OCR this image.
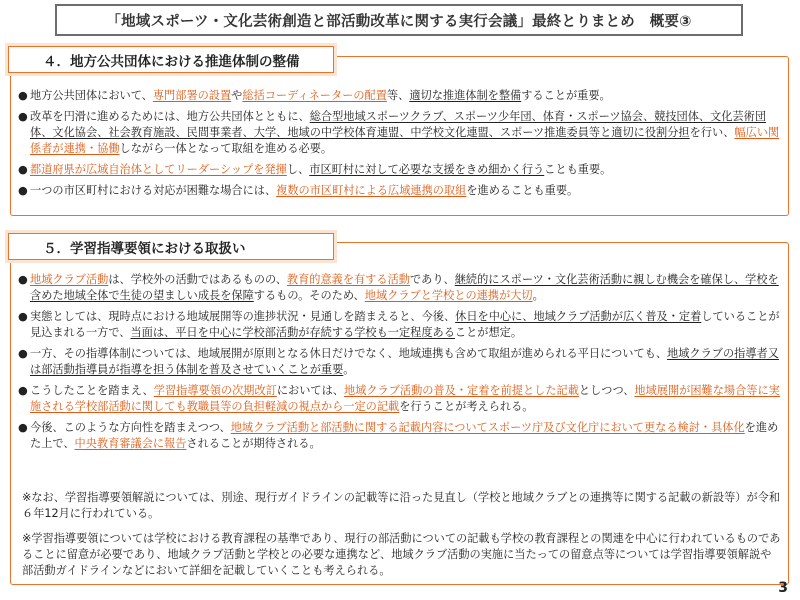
「地域スポーツ・文化芸術創造と部活動改革に関する実行会議」最終とりまとめ　概要③
４．地方公共団体における推進体制の整備
● 地方公共団体において、専門部署の設置や総括コーディネーターの配置等、適切な推進体制を整備することが重要。
● 改革を円滑に進めるためには、地方公共団体とともに、総合型地域スポーツクラブ、スポーツ少年団、体育・スポーツ協会、競技団体、文化芸術団体、文化協会、社会教育施設、民間事業者、大学、地域の中学校体育連盟、中学校文化連盟、スポーツ推進委員等と適切に役割分担を行い、幅広い関係者が連携・協働しながら一体となって取組を進める必要。
● 都道府県が広域自治体としてリーダーシップを発揮し、市区町村に対して必要な支援をきめ細かく行うことも重要。
● 一つの市区町村における対応が困難な場合には、複数の市区町村による広域連携の取組を進めることも重要。
５．学習指導要領における取扱い
● 地域クラブ活動は、学校外の活動ではあるものの、教育的意義を有する活動であり、継続的にスポーツ・文化芸術活動に親しむ機会を確保し、学校を含めた地域全体で生徒の望ましい成長を保障するもの。そのため、地域クラブと学校との連携が大切。
● 実態としては、現時点における地域展開等の進捗状況・見通しを踏まえると、今後、休日を中心に、地域クラブ活動が広く普及・定着していることが見込まれる一方で、当面は、平日を中心に学校部活動が存続する学校も一定程度あることが想定。
● 一方、その指導体制については、地域展開が原則となる休日だけでなく、地域連携も含めて取組が進められる平日についても、地域クラブの指導者又は部活動指導員が指導を担う体制を普及させていくことが重要。
● こうしたことを踏まえ、学習指導要領の次期改訂においては、地域クラブ活動の普及・定着を前提とした記載としつつ、地域展開が困難な場合等に実施される学校部活動に関しても教職員等の負担軽減の視点から一定の記載を行うことが考えられる。
● 今後、このような方向性を踏まえつつ、地域クラブ活動と部活動に関する記載内容についてスポーツ庁及び文化庁において更なる検討・具体化を進めた上で、中央教育審議会に報告されることが期待される。
※なお、学習指導要領解説については、別途、現行ガイドラインの記載等に沿った見直し（学校と地域クラブとの連携等に関する記載の新設等）が令和６年12月に行われている。
※学習指導要領については学校における教育課程の基準であり、現行の部活動についての記載も学校の教育課程との関連を中心に行われているものであることに留意が必要であり、地域クラブ活動と学校との必要な連携など、地域クラブ活動の実施に当たっての留意点等については学習指導要領解説や部活動ガイドラインなどにおいて詳細を記載していくことも考えられる。
3
